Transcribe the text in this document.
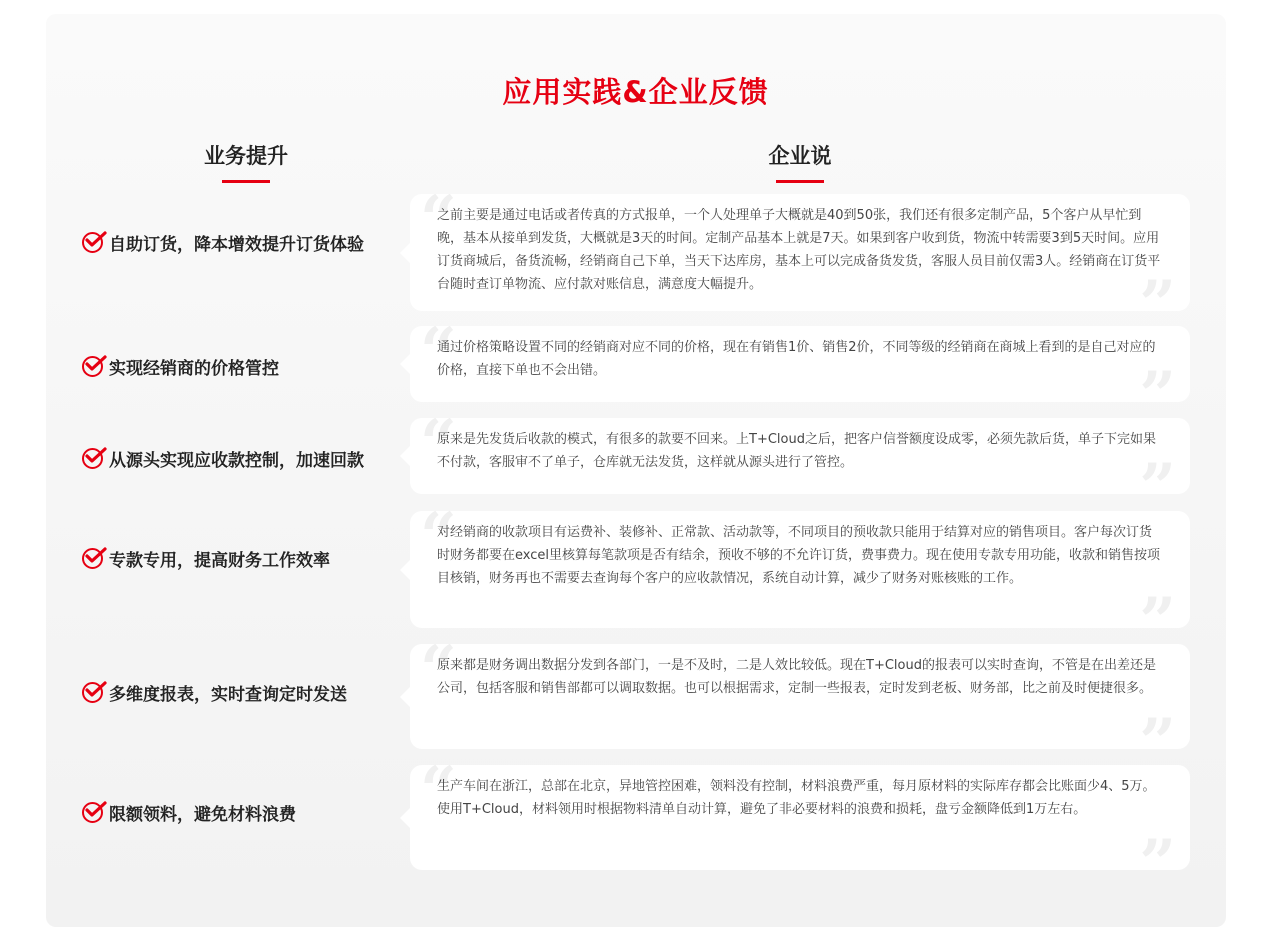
应用实践&企业反馈
业务提升	企业说
自助订货，降本增效提升订货体验 “
”

之前主要是通过电话或者传真的方式报单，一个人处理单子大概就是40到50张，我们还有很多定制产品，5个客户从早忙到晚，基本从接单到发货，大概就是3天的时间。定制产品基本上就是7天。如果到客户收到货，物流中转需要3到5天时间。应用订货商城后，备货流畅，经销商自己下单，当天下达库房，基本上可以完成备货发货，客服人员目前仅需3人。经销商在订货平台随时查订单物流、应付款对账信息，满意度大幅提升。

实现经销商的价格管控 “
”

通过价格策略设置不同的经销商对应不同的价格，现在有销售1价、销售2价，不同等级的经销商在商城上看到的是自己对应的价格，直接下单也不会出错。

从源头实现应收款控制，加速回款 “
”

原来是先发货后收款的模式，有很多的款要不回来。上T+Cloud之后，把客户信誉额度设成零，必须先款后货，单子下完如果不付款，客服审不了单子，仓库就无法发货，这样就从源头进行了管控。

专款专用，提高财务工作效率 “
”

对经销商的收款项目有运费补、装修补、正常款、活动款等，不同项目的预收款只能用于结算对应的销售项目。客户每次订货时财务都要在excel里核算每笔款项是否有结余，预收不够的不允许订货，费事费力。现在使用专款专用功能，收款和销售按项目核销，财务再也不需要去查询每个客户的应收款情况，系统自动计算，减少了财务对账核账的工作。

多维度报表，实时查询定时发送 “
”

原来都是财务调出数据分发到各部门，一是不及时，二是人效比较低。现在T+Cloud的报表可以实时查询，不管是在出差还是公司，包括客服和销售部都可以调取数据。也可以根据需求，定制一些报表，定时发到老板、财务部，比之前及时便捷很多。

限额领料，避免材料浪费 “
”

生产车间在浙江，总部在北京，异地管控困难，领料没有控制，材料浪费严重，每月原材料的实际库存都会比账面少4、5万。使用T+Cloud，材料领用时根据物料清单自动计算，避免了非必要材料的浪费和损耗，盘亏金额降低到1万左右。
